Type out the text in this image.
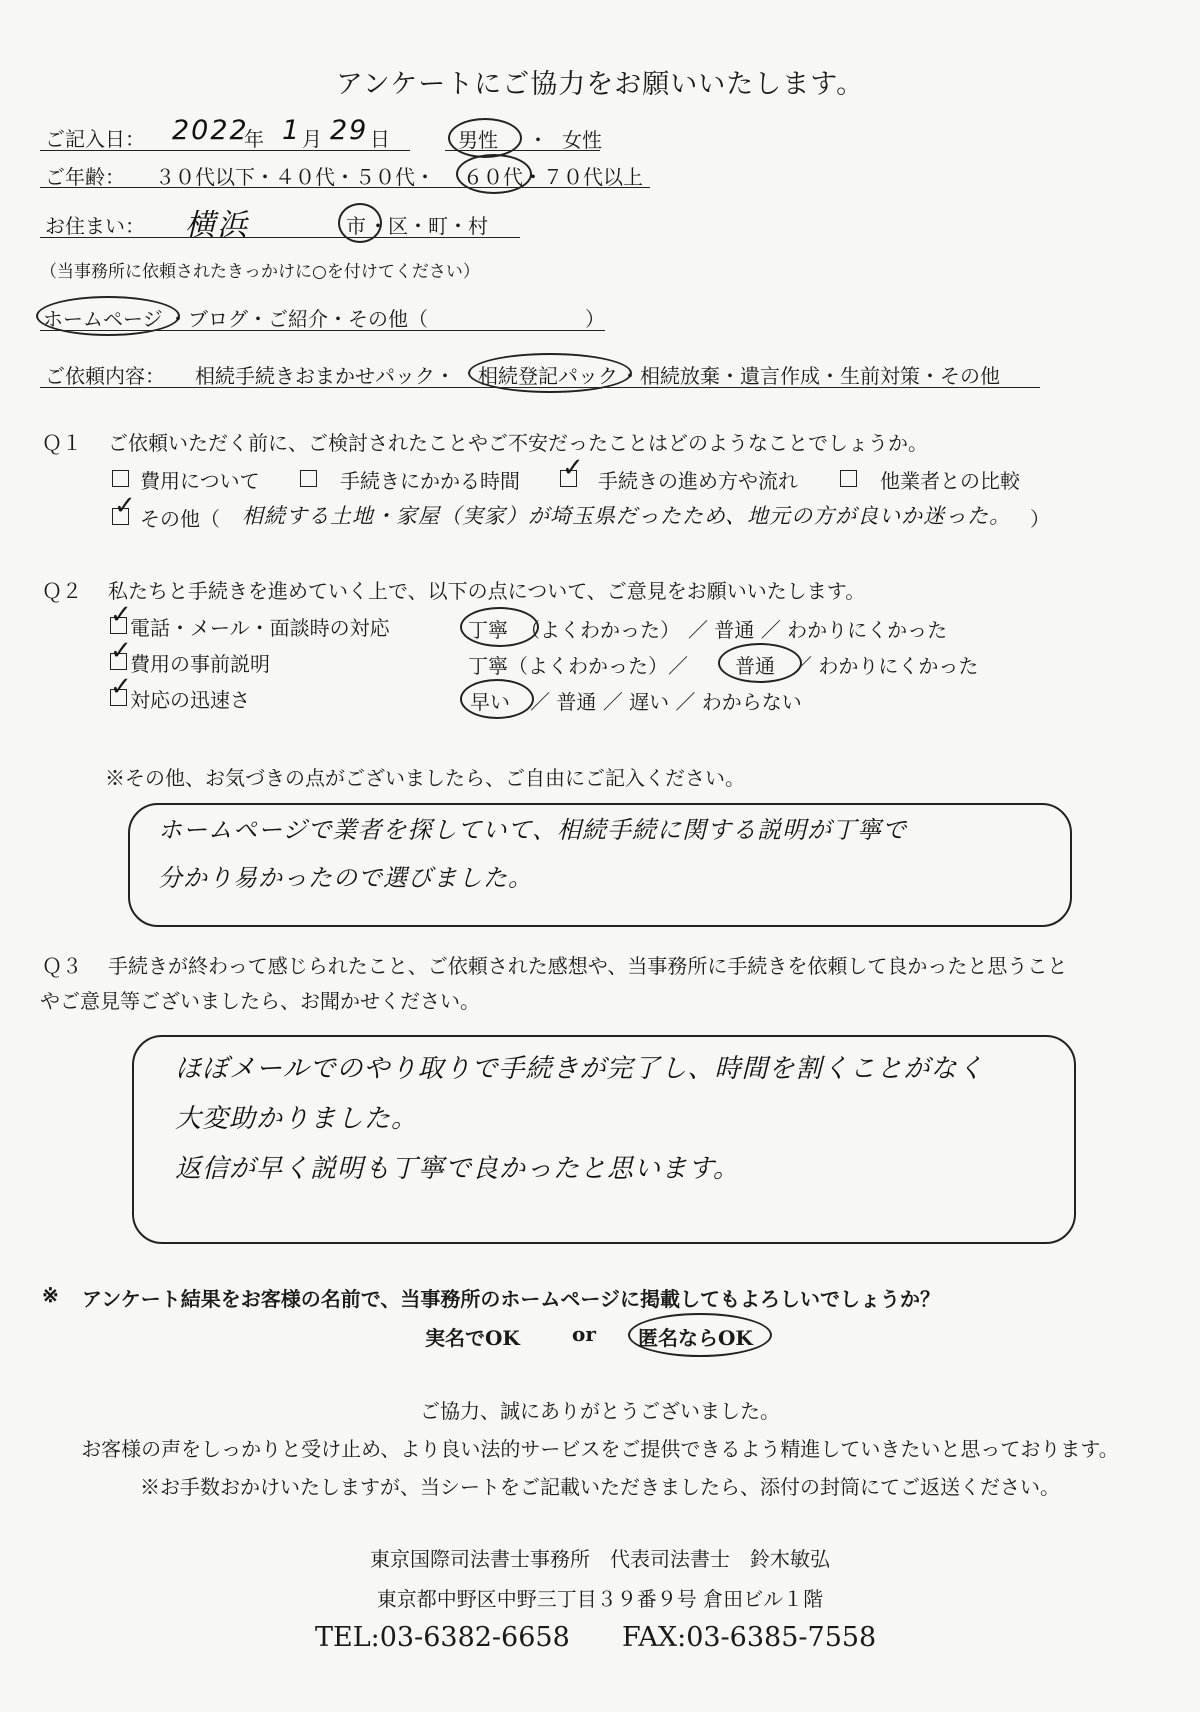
アンケートにご協力をお願いいたします。
ご記入日： 2022
年 1 月 29 日	男性 ・ 女性
ご年齢： ３０代以下・４０代・５０代・ ６０代 ・７０代以上
お住まい： 横浜	市 ・区・町・村
（当事務所に依頼されたきっかけに○を付けてください）
ホームページ ・ブログ・ご紹介・その他（	）
ご依頼内容： 相続手続きおまかせパック・ 相続登記パック ・相続放棄・遺言作成・生前対策・その他
Ｑ１ ご依頼いただく前に、ご検討されたことやご不安だったことはどのようなことでしょうか。
費用について	手続きにかかる時間 ✓ 手続きの進め方や流れ	他業者との比較
✓ その他（ 相続する土地・家屋（実家）が埼玉県だったため、地元の方が良いか迷った。 ）
Ｑ２ 私たちと手続きを進めていく上で、以下の点について、ご意見をお願いいたします。
✓
電話・メール・面談時の対応	丁寧 （よくわかった） ／ 普通 ／ わかりにくかった
✓
費用の事前説明	丁寧（よくわかった）／ 普通 ／ わかりにくかった
✓
対応の迅速さ	早い ／ 普通 ／ 遅い ／ わからない
※その他、お気づきの点がございましたら、ご自由にご記入ください。
ホームページで業者を探していて、相続手続に関する説明が丁寧で
分かり易かったので選びました。
Ｑ３ 手続きが終わって感じられたこと、ご依頼された感想や、当事務所に手続きを依頼して良かったと思うこと
やご意見等ございましたら、お聞かせください。
ほぼメールでのやり取りで手続きが完了し、時間を割くことがなく
大変助かりました。
返信が早く説明も丁寧で良かったと思います。
※ アンケート結果をお客様の名前で、当事務所のホームページに掲載してもよろしいでしょうか？
実名でOK	or 匿名ならOK
ご協力、誠にありがとうございました。
お客様の声をしっかりと受け止め、より良い法的サービスをご提供できるよう精進していきたいと思っております。
※お手数おかけいたしますが、当シートをご記載いただきましたら、添付の封筒にてご返送ください。
東京国際司法書士事務所　代表司法書士　鈴木敏弘
東京都中野区中野三丁目３９番９号 倉田ビル１階
TEL:03-6382-6658 FAX:03-6385-7558
